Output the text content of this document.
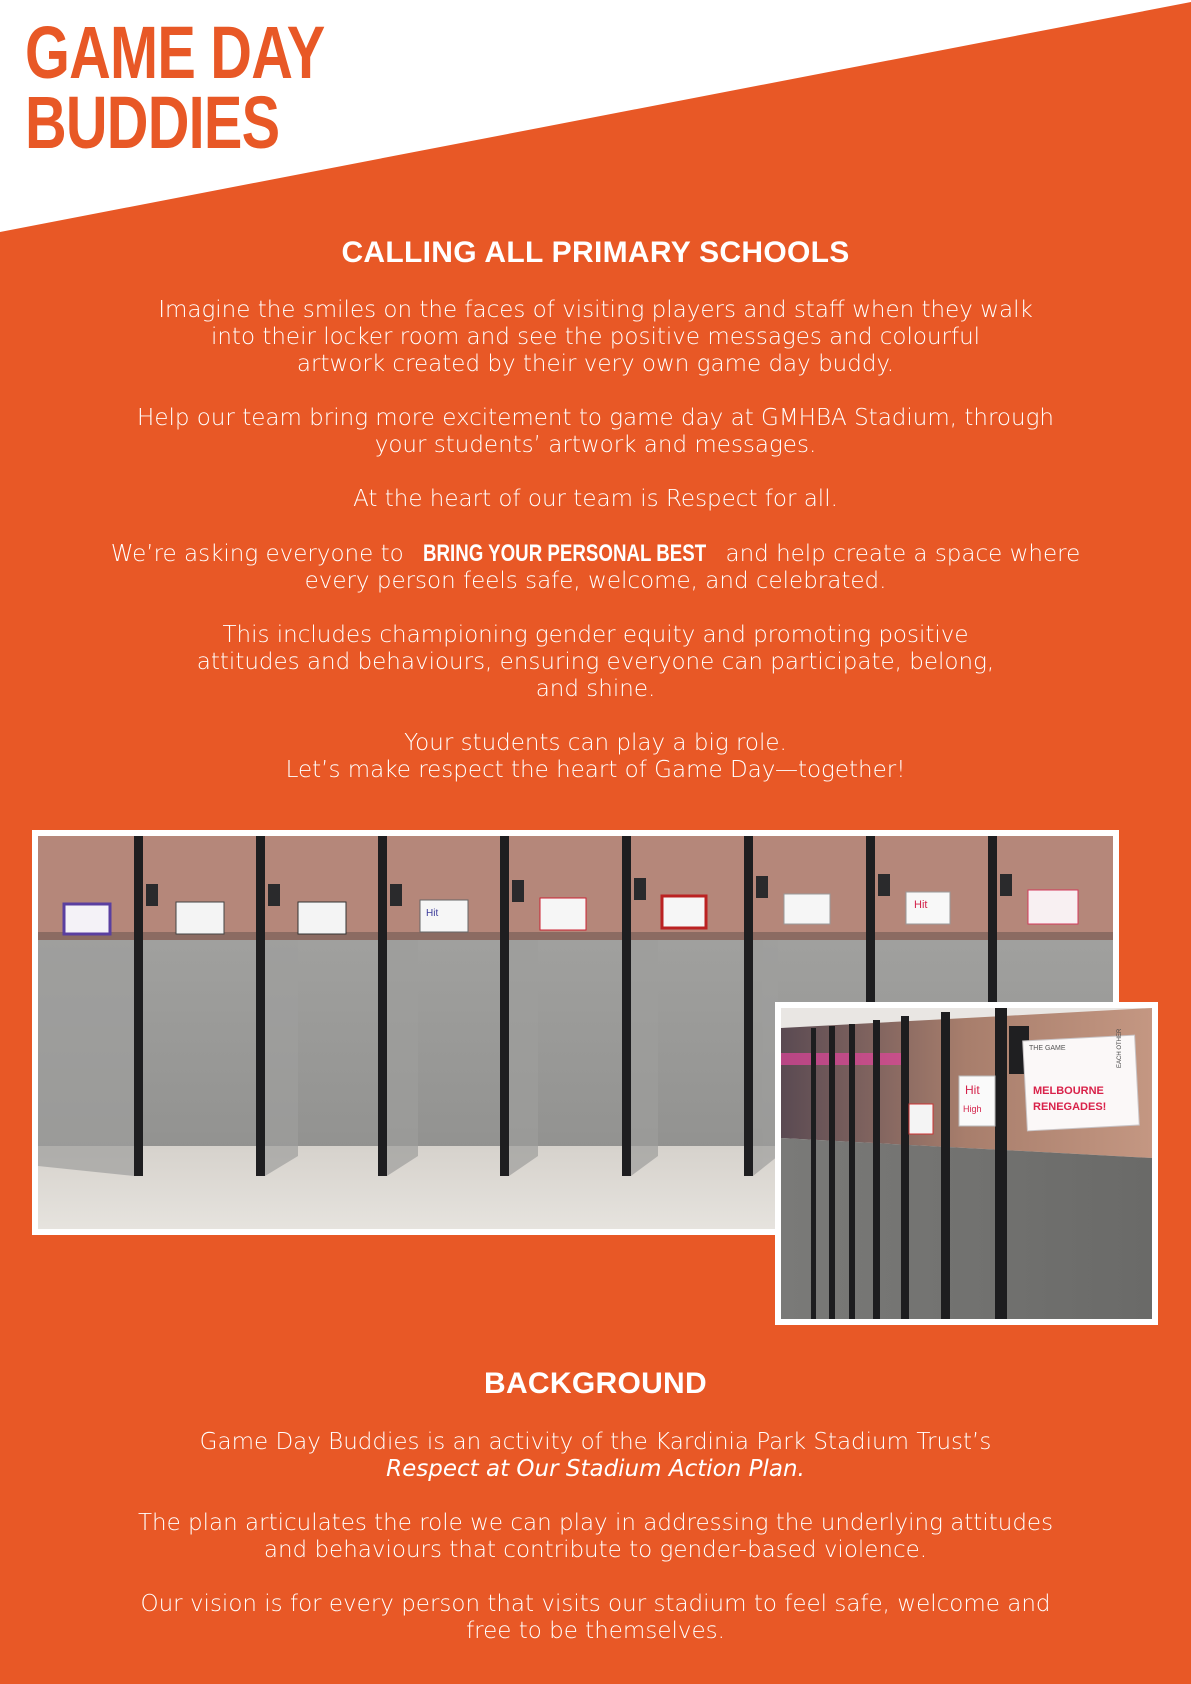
GAME DAY
BUDDIES
CALLING ALL PRIMARY SCHOOLS

Imagine the smiles on the faces of visiting players and staff when they walk
into their locker room and see the positive messages and colourful
artwork created by their very own game day buddy.

Help our team bring more excitement to game day at GMHBA Stadium, through
your students’ artwork and messages.

At the heart of our team is Respect for all.

We’re asking everyone to BRING YOUR PERSONAL BEST and help create a space where
every person feels safe, welcome, and celebrated.

This includes championing gender equity and promoting positive
attitudes and behaviours, ensuring everyone can participate, belong,
and shine.

Your students can play a big role.
Let’s make respect the heart of Game Day—together!

Hit
Hit
Hit
High
THE GAME
MELBOURNE
RENEGADES!
EACH OTHER
BACKGROUND

Game Day Buddies is an activity of the Kardinia Park Stadium Trust’s
Respect at Our Stadium Action Plan.

The plan articulates the role we can play in addressing the underlying attitudes
and behaviours that contribute to gender-based violence.

Our vision is for every person that visits our stadium to feel safe, welcome and
free to be themselves.
